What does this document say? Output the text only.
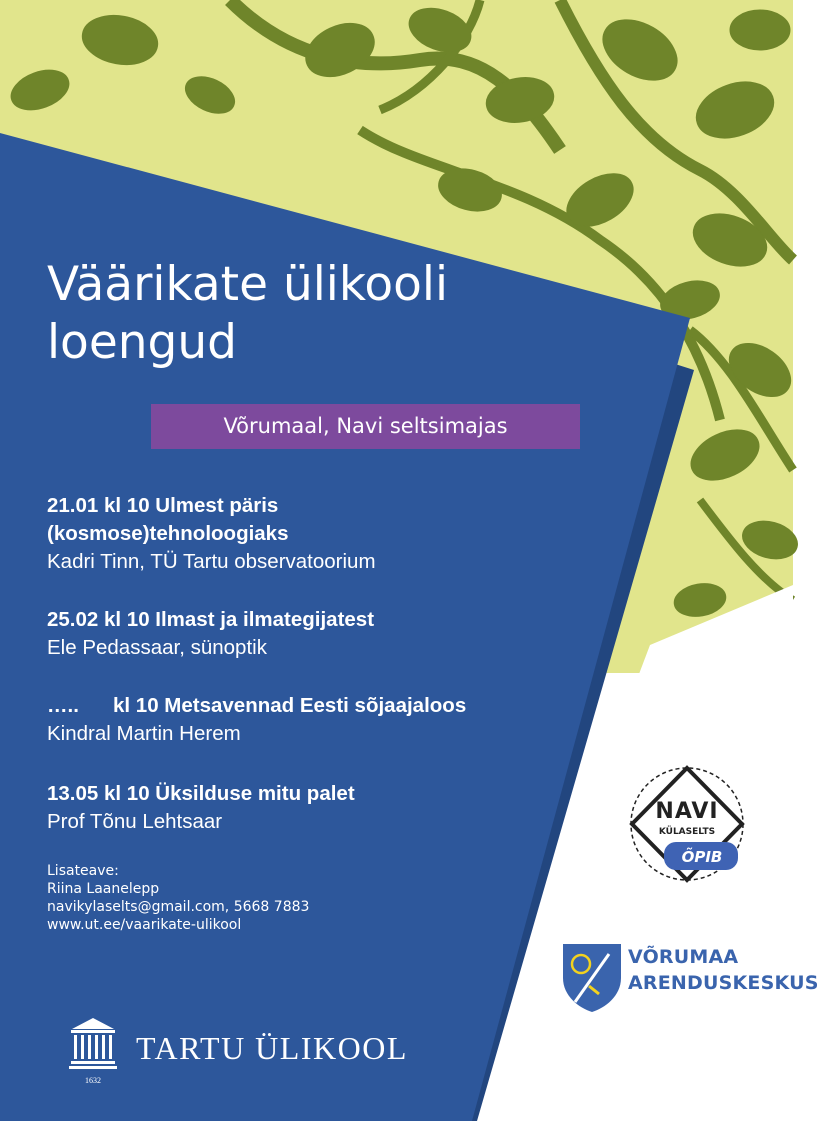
Väärikate ülikooli
loengud
Võrumaal, Navi seltsimajas
21.01 kl 10 Ulmest päris
(kosmose)tehnoloogiaks
Kadri Tinn, TÜ Tartu observatoorium
25.02 kl 10 Ilmast ja ilmategijatest
Ele Pedassaar, sünoptik
….. kl 10 Metsavennad Eesti sõjaajaloos
Kindral Martin Herem
13.05 kl 10 Üksilduse mitu palet
Prof Tõnu Lehtsaar
Lisateave:
Riina Laanelepp
navikylaselts@gmail.com, 5668 7883
www.ut.ee/vaarikate-ulikool
1632
TARTU ÜLIKOOL
NAVI
KÜLASELTS
ÕPIB
VÕRUMAA
ARENDUSKESKUS
